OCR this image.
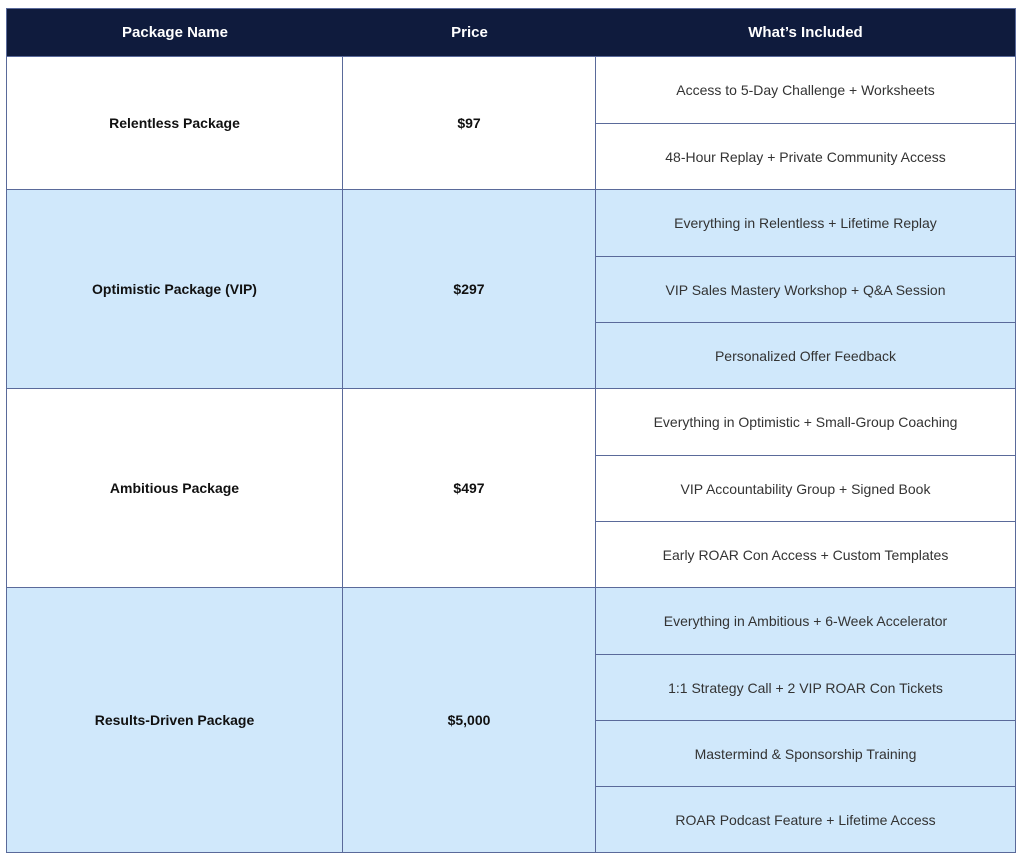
Package Name	Price	What’s Included
Relentless Package	$97
Access to 5-Day Challenge + Worksheets
48-Hour Replay + Private Community Access
Optimistic Package (VIP)	$297
Everything in Relentless + Lifetime Replay
VIP Sales Mastery Workshop + Q&A Session
Personalized Offer Feedback
Ambitious Package	$497
Everything in Optimistic + Small-Group Coaching
VIP Accountability Group + Signed Book
Early ROAR Con Access + Custom Templates
Results-Driven Package	$5,000
Everything in Ambitious + 6-Week Accelerator
1:1 Strategy Call + 2 VIP ROAR Con Tickets
Mastermind & Sponsorship Training
ROAR Podcast Feature + Lifetime Access
